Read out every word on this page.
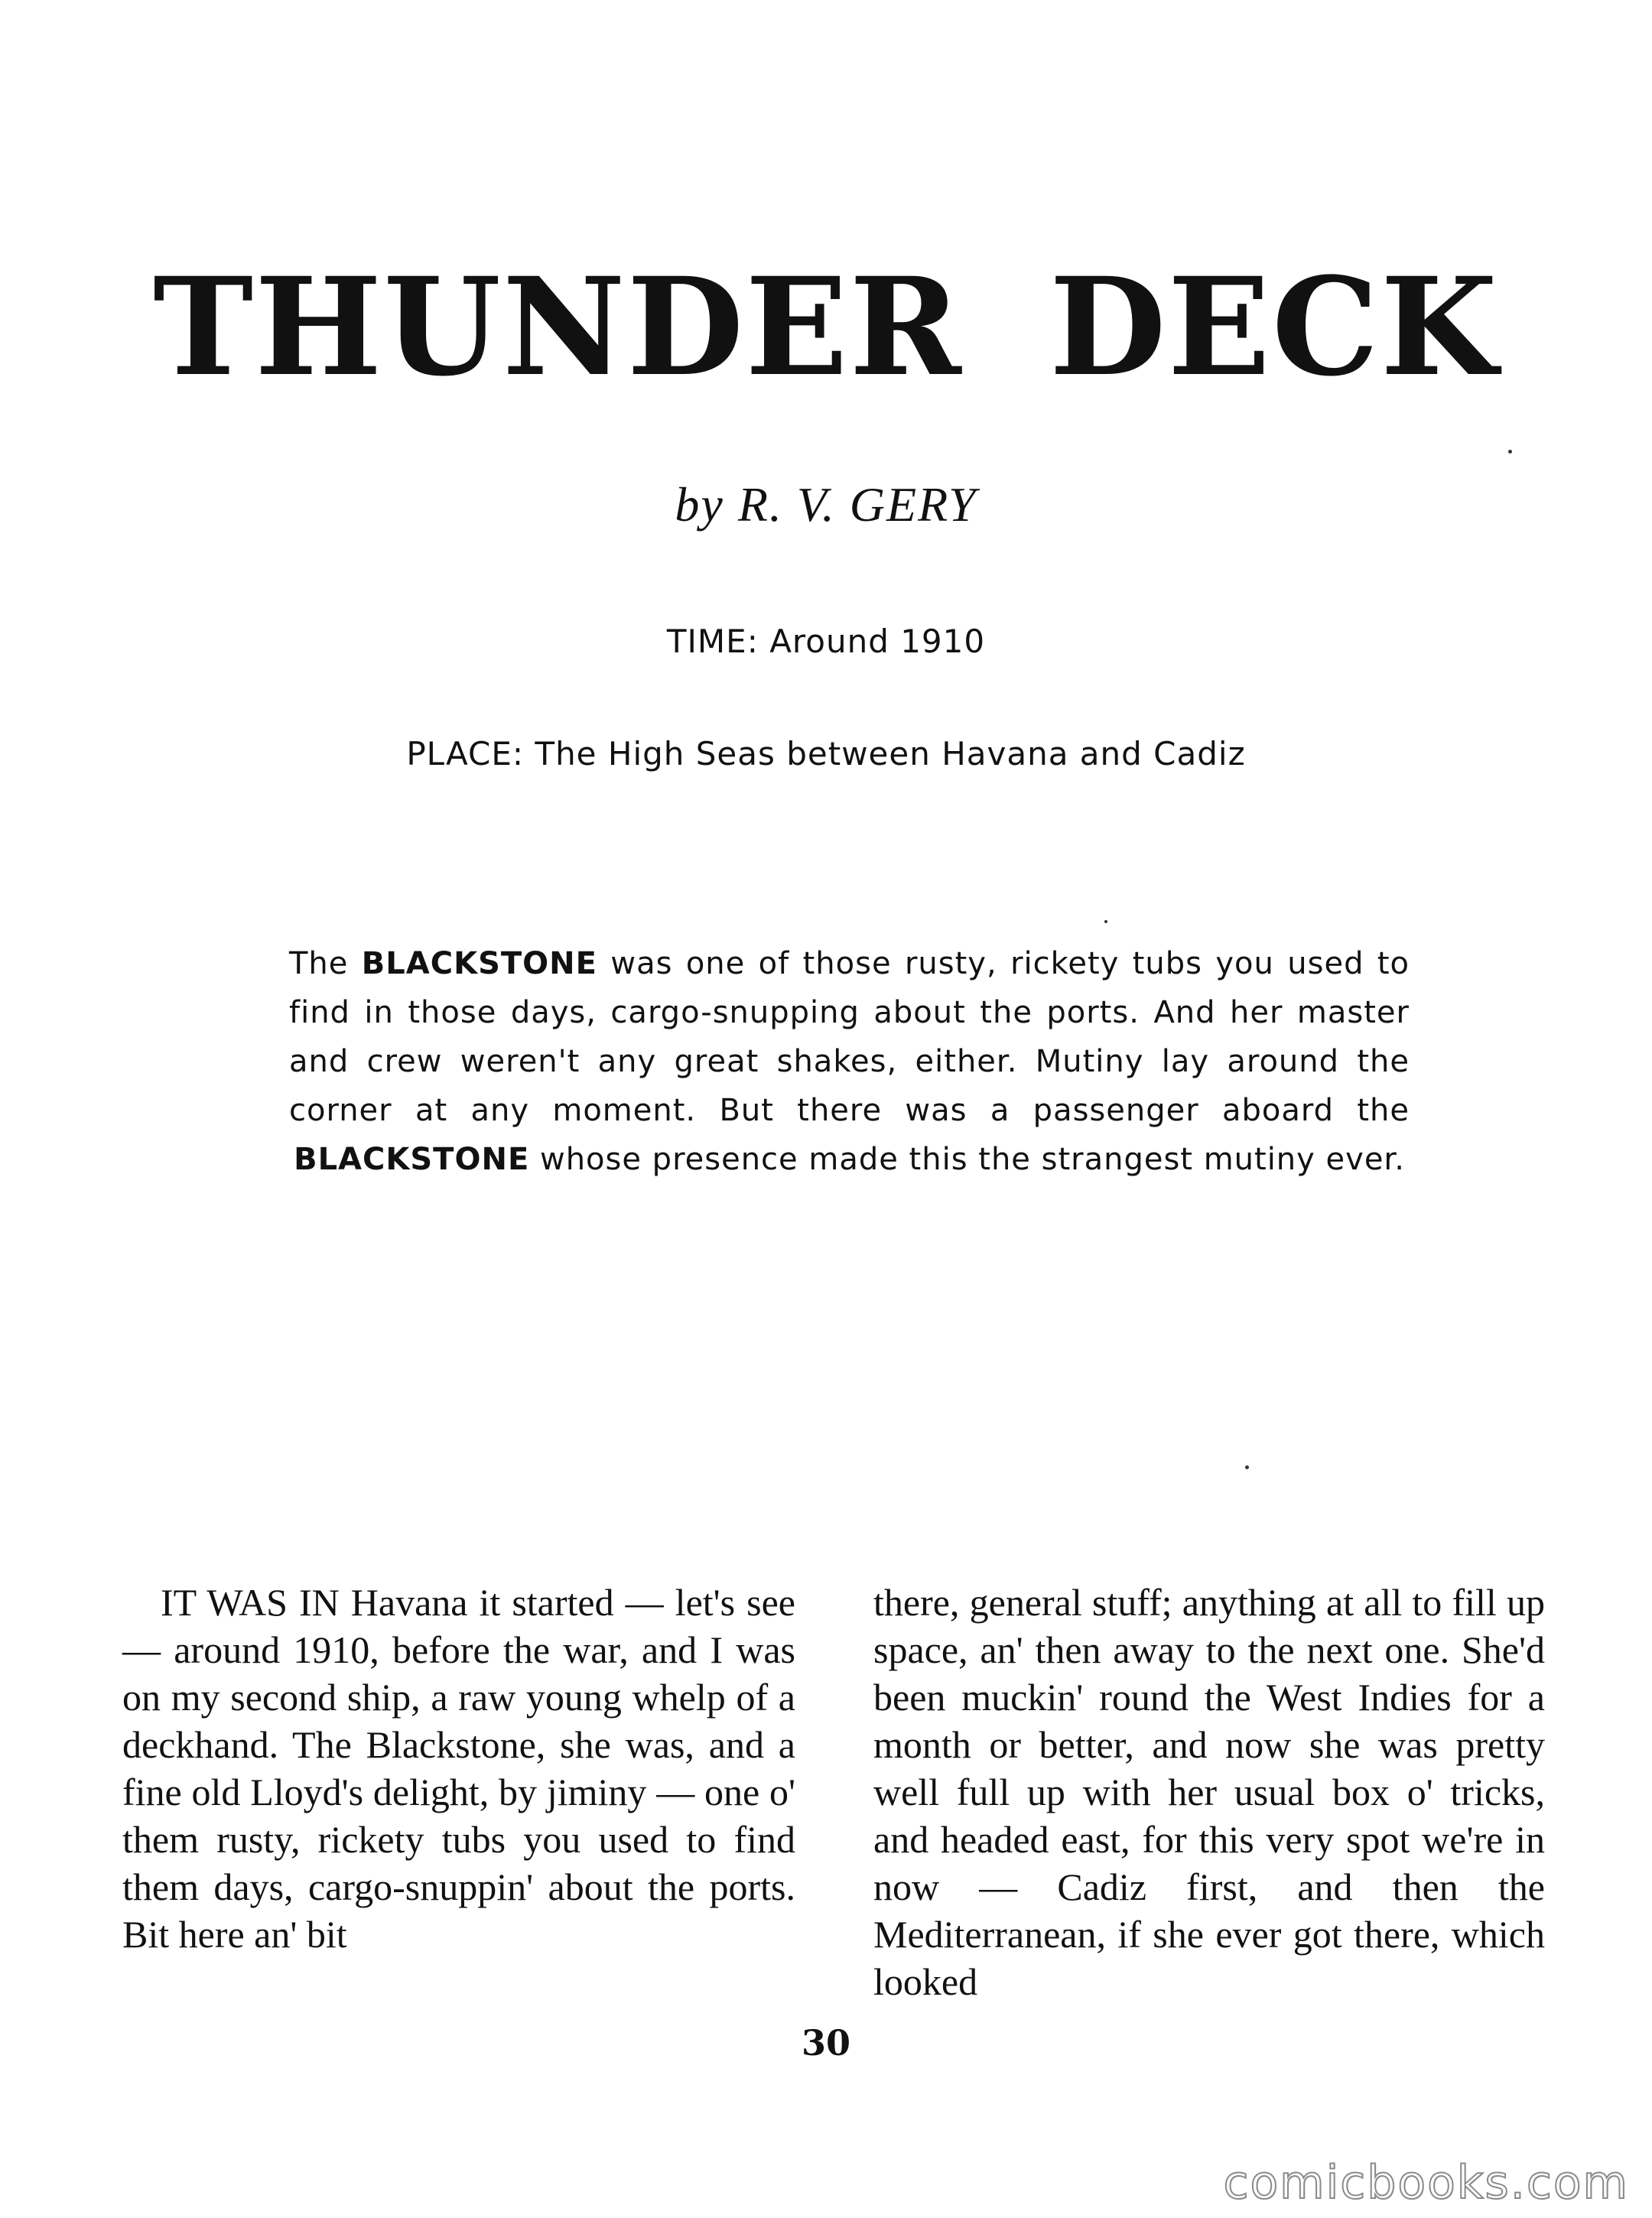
THUNDER DECK
by R. V. GERY
TIME: Around 1910
PLACE: The High Seas between Havana and Cadiz
The BLACKSTONE was one of those rusty, rickety tubs you used to find in those days, cargo-snupping about the ports. And her master and crew weren't any great shakes, either. Mutiny lay around the corner at any moment. But there was a passenger aboard the BLACKSTONE whose presence made this the strangest mutiny ever.

IT WAS IN Havana it started — let's see — around 1910, before the war, and I was on my second ship, a raw young whelp of a deckhand. The Blackstone, she was, and a fine old Lloyd's delight, by jiminy — one o' them rusty, rickety tubs you used to find them days, cargo-snuppin' about the ports. Bit here an' bit

there, general stuff; anything at all to fill up space, an' then away to the next one. She'd been muckin' round the West Indies for a month or better, and now she was pretty well full up with her usual box o' tricks, and headed east, for this very spot we're in now — Cadiz first, and then the Mediterranean, if she ever got there, which looked

30
comicbooks.com
